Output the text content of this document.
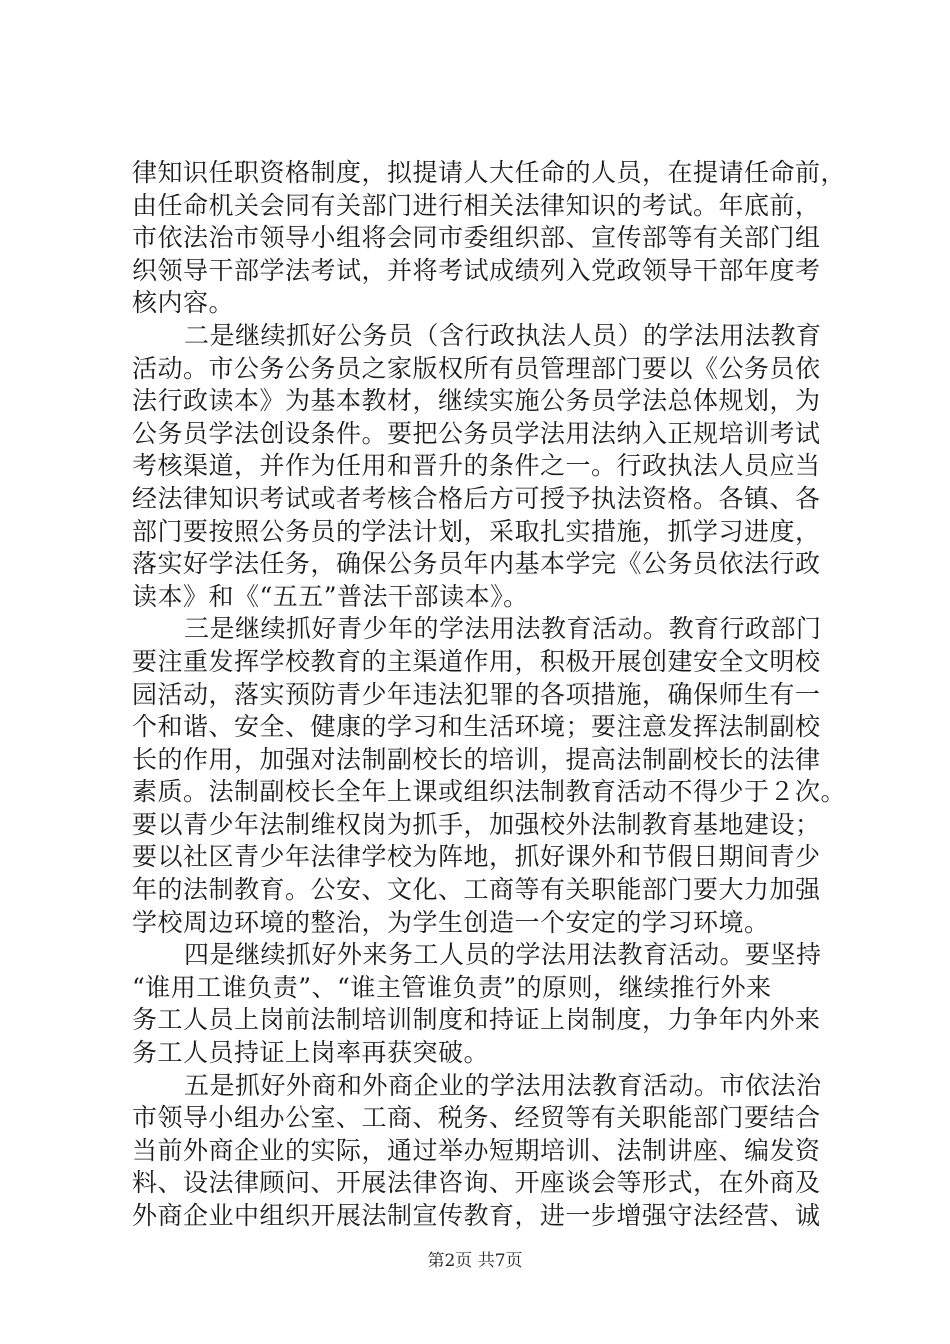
律知识任职资格制度，拟提请人大任命的人员，在提请任命前，
由任命机关会同有关部门进行相关法律知识的考试。年底前，
市依法治市领导小组将会同市委组织部、宣传部等有关部门组
织领导干部学法考试，并将考试成绩列入党政领导干部年度考
核内容。
二是继续抓好公务员（含行政执法人员）的学法用法教育
活动。市公务公务员之家版权所有员管理部门要以《公务员依
法行政读本》为基本教材，继续实施公务员学法总体规划，为
公务员学法创设条件。要把公务员学法用法纳入正规培训考试
考核渠道，并作为任用和晋升的条件之一。行政执法人员应当
经法律知识考试或者考核合格后方可授予执法资格。各镇、各
部门要按照公务员的学法计划，采取扎实措施，抓学习进度，
落实好学法任务，确保公务员年内基本学完《公务员依法行政
读本》和《“五五”普法干部读本》。
三是继续抓好青少年的学法用法教育活动。教育行政部门
要注重发挥学校教育的主渠道作用，积极开展创建安全文明校
园活动，落实预防青少年违法犯罪的各项措施，确保师生有一
个和谐、安全、健康的学习和生活环境；要注意发挥法制副校
长的作用，加强对法制副校长的培训，提高法制副校长的法律
素质。法制副校长全年上课或组织法制教育活动不得少于２次。
要以青少年法制维权岗为抓手，加强校外法制教育基地建设；
要以社区青少年法律学校为阵地，抓好课外和节假日期间青少
年的法制教育。公安、文化、工商等有关职能部门要大力加强
学校周边环境的整治，为学生创造一个安定的学习环境。
四是继续抓好外来务工人员的学法用法教育活动。要坚持
“谁用工谁负责”、“谁主管谁负责”的原则，继续推行外来
务工人员上岗前法制培训制度和持证上岗制度，力争年内外来
务工人员持证上岗率再获突破。
五是抓好外商和外商企业的学法用法教育活动。市依法治
市领导小组办公室、工商、税务、经贸等有关职能部门要结合
当前外商企业的实际，通过举办短期培训、法制讲座、编发资
料、设法律顾问、开展法律咨询、开座谈会等形式，在外商及
外商企业中组织开展法制宣传教育，进一步增强守法经营、诚
第2页 共7页
